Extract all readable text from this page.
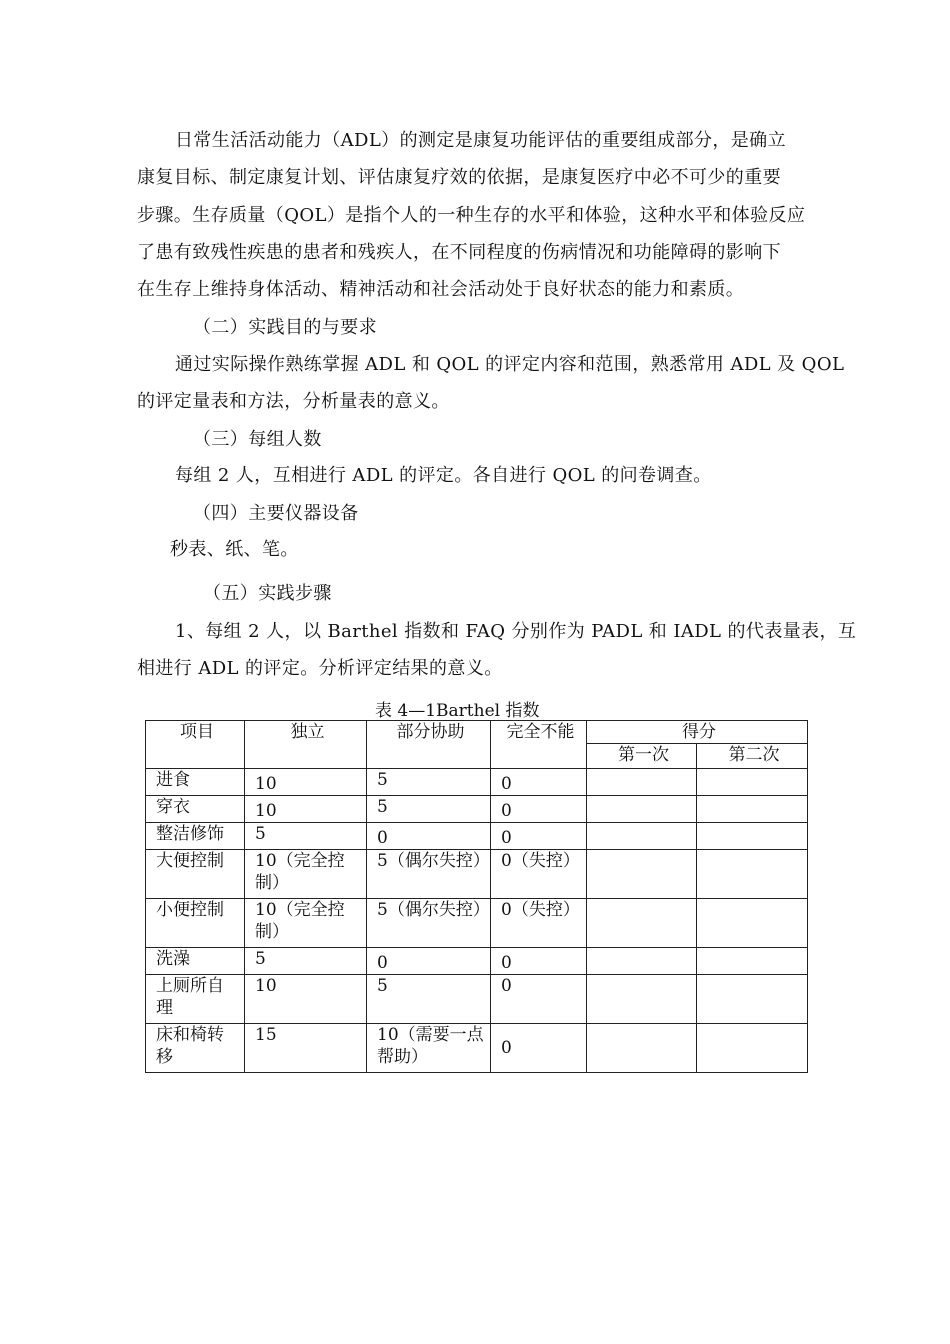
日常生活活动能力（ADL）的测定是康复功能评估的重要组成部分，是确立
康复目标、制定康复计划、评估康复疗效的依据，是康复医疗中必不可少的重要
步骤。生存质量（QOL）是指个人的一种生存的水平和体验，这种水平和体验反应
了患有致残性疾患的患者和残疾人，在不同程度的伤病情况和功能障碍的影响下
在生存上维持身体活动、精神活动和社会活动处于良好状态的能力和素质。
（二）实践目的与要求
通过实际操作熟练掌握 ADL 和 QOL 的评定内容和范围，熟悉常用 ADL 及 QOL
的评定量表和方法，分析量表的意义。
（三）每组人数
每组 2 人，互相进行 ADL 的评定。各自进行 QOL 的问卷调查。
（四）主要仪器设备
秒表、纸、笔。
（五）实践步骤
1、每组 2 人，以 Barthel 指数和 FAQ 分别作为 PADL 和 IADL 的代表量表，互
相进行 ADL 的评定。分析评定结果的意义。
表 4—1Barthel 指数
项目	独立	部分协助	完全不能	得分	
				第一次	第二次
进食	10	5	0		

穿衣	10	5	0		

整洁修饰	5	0	0		

大便控制	10（完全控制）	5（偶尔失控）	0（失控）		
小便控制	10（完全控制）	5（偶尔失控）	0（失控）		
洗澡	5	0	0		

上厕所自理	10	5	0		
床和椅转移	15	10（需要一点帮助）	0		
